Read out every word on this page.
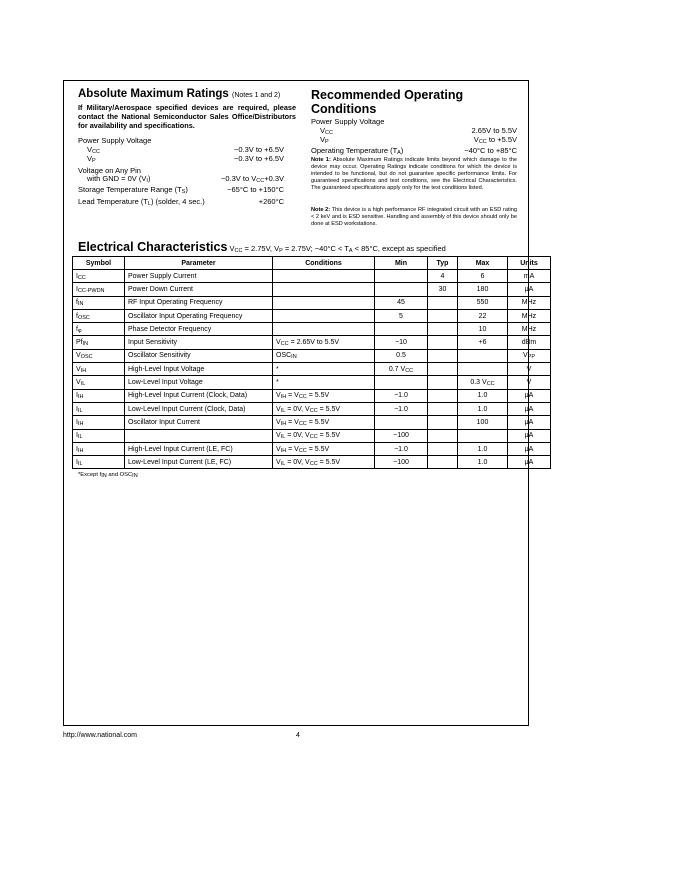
Absolute Maximum Ratings (Notes 1 and 2)
If Military/Aerospace specified devices are required, please contact the National Semiconductor Sales Office/Distributors for availability and specifications.
Power Supply Voltage
$V_{CC}$	−0.3V to +6.5V
$V_P$	−0.3V to +6.5V
Voltage on Any Pin
with GND = 0V $(V_I)$	−0.3V to $V_{CC}+0.3V$
Storage Temperature Range $(T_S)$	−65°C to +150°C
Lead Temperature $(T_L)$ (solder, 4 sec.)	+260°C
Recommended Operating
Conditions
Power Supply Voltage
$V_{CC}$	2.65V to 5.5V
$V_P$	$V_{CC}$ to +5.5V
Operating Temperature $(T_A)$	−40°C to +85°C
Note 1: Absolute Maximum Ratings indicate limits beyond which damage to the device may occur. Operating Ratings indicate conditions for which the device is intended to be functional, but do not guarantee specific performance limits. For guaranteed specifications and test conditions, see the Electrical Characteristics. The guaranteed specifications apply only for the test conditions listed.
Note 2: This device is a high performance RF integrated circuit with an ESD rating < 2 keV and is ESD sensitive. Handling and assembly of this device should only be done at ESD workstations.
Electrical Characteristics $V_{CC} = 2.75V$, $V_P = 2.75V$; $-40^\circ C < T_A < 85^\circ C$, except as specified
Symbol	Parameter	Conditions	Min	Typ	Max	Units
$I_{CC}$	Power Supply Current			4	6	mA
$I_{CC-PWDN}$	Power Down Current			30	180	μA
$f_{IN}$	RF Input Operating Frequency		45		550	MHz
$f_{OSC}$	Oscillator Input Operating Frequency		5		22	MHz
$f_\varphi$	Phase Detector Frequency				10	MHz
$Pf_{IN}$	Input Sensitivity	$V_{CC} = 2.65V$ to 5.5V	−10		+6	dBm
$V_{OSC}$	Oscillator Sensitivity	$OSC_{IN}$	0.5			$V_{PP}$
$V_{IH}$	High-Level Input Voltage	*	0.7 $V_{CC}$			V
$V_{IL}$	Low-Level Input Voltage	*			0.3 $V_{CC}$	V
$I_{IH}$	High-Level Input Current (Clock, Data)	$V_{IH} = V_{CC} = 5.5V$	−1.0		1.0	μA
$I_{IL}$	Low-Level Input Current (Clock, Data)	$V_{IL} = 0V$, $V_{CC} = 5.5V$	−1.0		1.0	μA
$I_{IH}$	Oscillator Input Current	$V_{IH} = V_{CC} = 5.5V$			100	μA
$I_{IL}$		$V_{IL} = 0V$, $V_{CC} = 5.5V$	−100			μA
$I_{IH}$	High-Level Input Current (LE, FC)	$V_{IH} = V_{CC} = 5.5V$	−1.0		1.0	μA
$I_{IL}$	Low-Level Input Current (LE, FC)	$V_{IL} = 0V$, $V_{CC} = 5.5V$	−100		1.0	μA
*Except $f_{IN}$ and $OSC_{IN}$
http://www.national.com	4
